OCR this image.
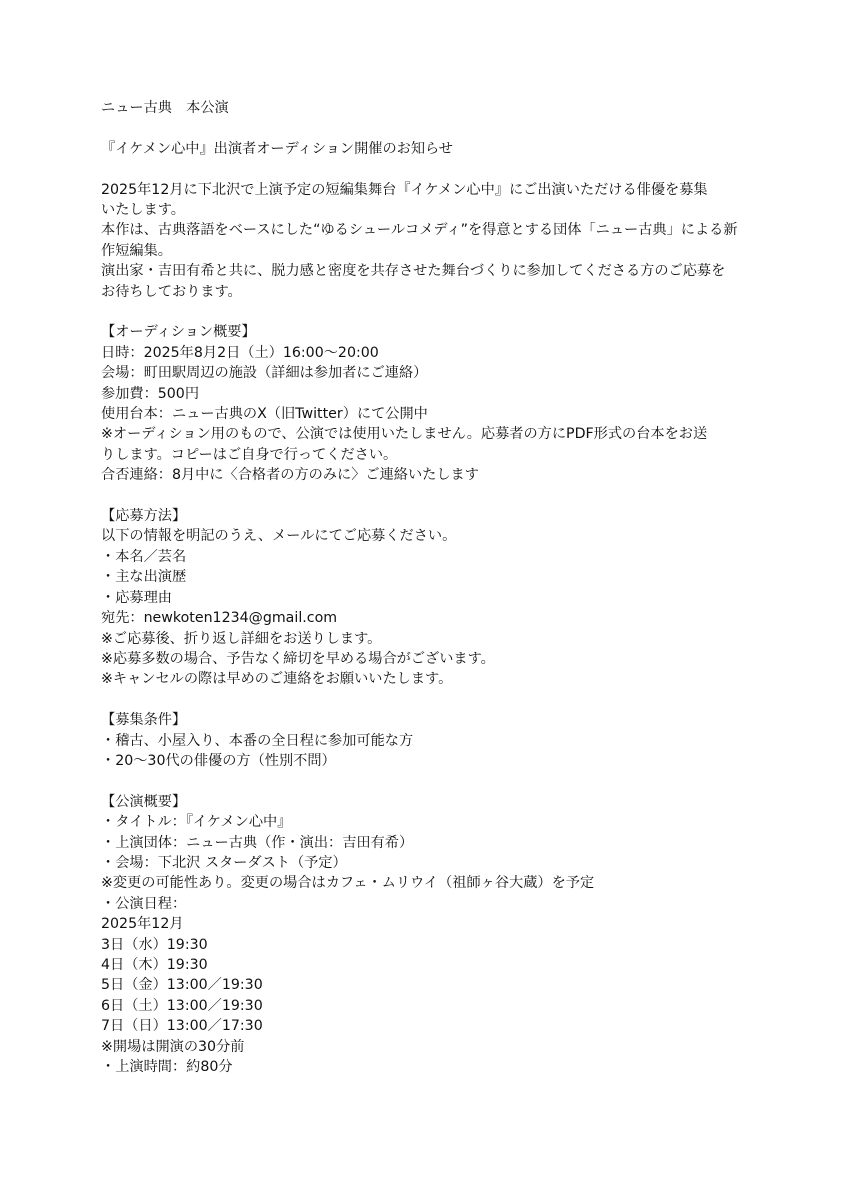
ニュー古典　本公演
『イケメン心中』出演者オーディション開催のお知らせ
2025年12月に下北沢で上演予定の短編集舞台『イケメン心中』にご出演いただける俳優を募集
いたします。
本作は、古典落語をベースにした“ゆるシュールコメディ”を得意とする団体「ニュー古典」による新
作短編集。
演出家・吉田有希と共に、脱力感と密度を共存させた舞台づくりに参加してくださる方のご応募を
お待ちしております。
【オーディション概要】
日時：2025年8月2日（土）16:00〜20:00
会場：町田駅周辺の施設（詳細は参加者にご連絡）
参加費：500円
使用台本：ニュー古典のX（旧Twitter）にて公開中
※オーディション用のもので、公演では使用いたしません。応募者の方にPDF形式の台本をお送
りします。コピーはご自身で行ってください。
合否連絡：8月中に〈合格者の方のみに〉ご連絡いたします
【応募方法】
以下の情報を明記のうえ、メールにてご応募ください。
・本名／芸名
・主な出演歴
・応募理由
宛先：newkoten1234@gmail.com
※ご応募後、折り返し詳細をお送りします。
※応募多数の場合、予告なく締切を早める場合がございます。
※キャンセルの際は早めのご連絡をお願いいたします。
【募集条件】
・稽古、小屋入り、本番の全日程に参加可能な方
・20〜30代の俳優の方（性別不問）
【公演概要】
・タイトル：『イケメン心中』
・上演団体：ニュー古典（作・演出：吉田有希）
・会場：下北沢 スターダスト（予定）
※変更の可能性あり。変更の場合はカフェ・ムリウイ（祖師ヶ谷大蔵）を予定
・公演日程：
2025年12月
3日（水）19:30
4日（木）19:30
5日（金）13:00／19:30
6日（土）13:00／19:30
7日（日）13:00／17:30
※開場は開演の30分前
・上演時間：約80分
